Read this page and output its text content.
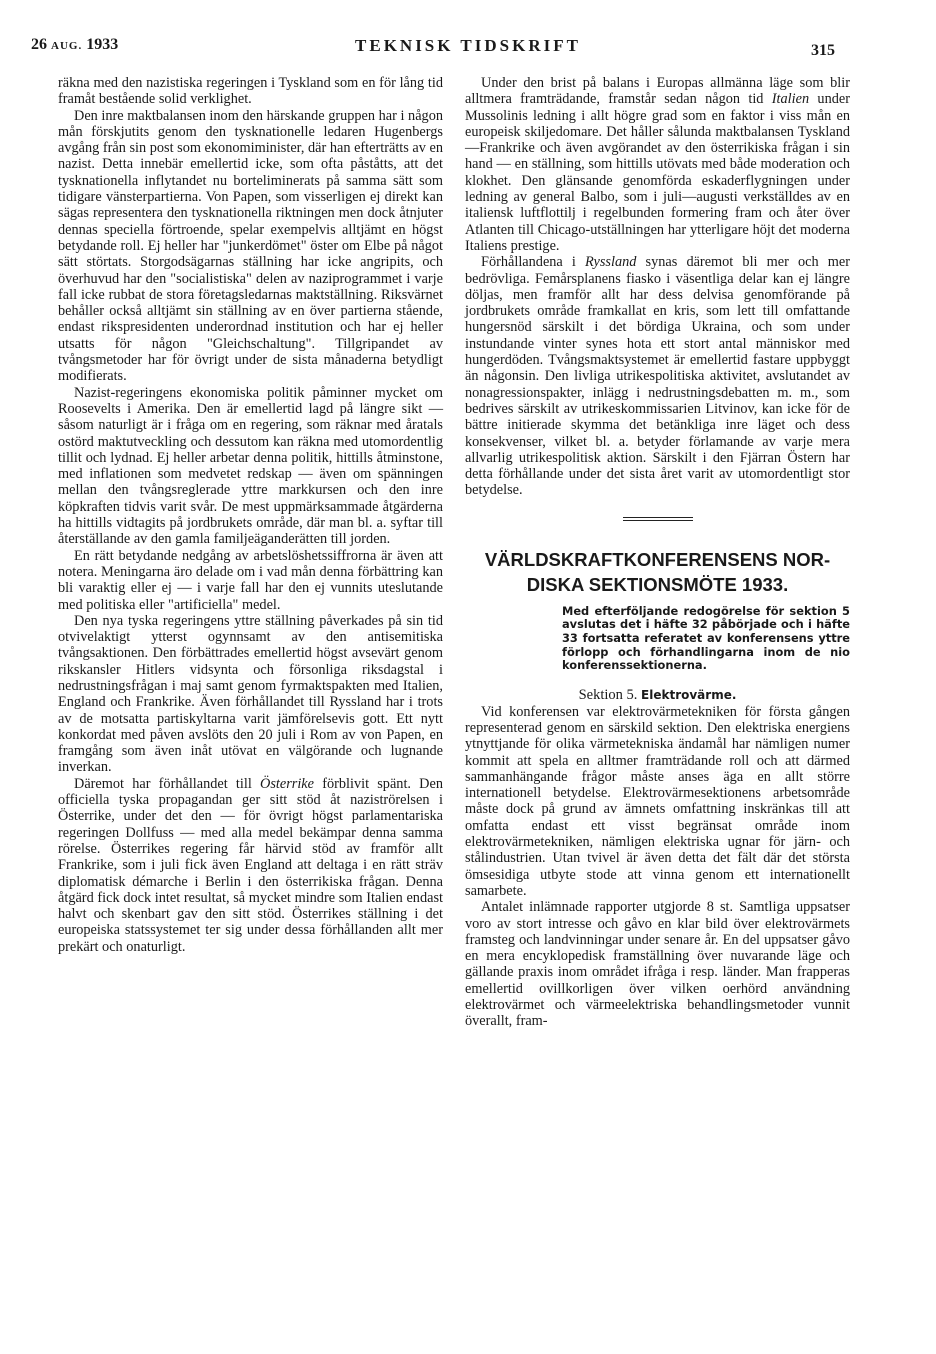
26 AUG. 1933	TEKNISK TIDSKRIFT	315

räkna med den nazistiska regeringen i Tyskland som en för lång tid framåt bestående solid verklighet.

Den inre maktbalansen inom den härskande gruppen har i någon mån förskjutits genom den tysknationelle ledaren Hugenbergs avgång från sin post som ekonomiminister, där han efterträtts av en nazist. Detta innebär emellertid icke, som ofta påståtts, att det tysknationella inflytandet nu borteliminerats på samma sätt som tidigare vänsterpartierna. Von Papen, som visserligen ej direkt kan sägas representera den tysknationella riktningen men dock åtnjuter dennas speciella förtroende, spelar exempelvis alltjämt en högst betydande roll. Ej heller har "junkerdömet" öster om Elbe på något sätt störtats. Storgodsägarnas ställning har icke angripits, och överhuvud har den "socialistiska" delen av naziprogrammet i varje fall icke rubbat de stora företagsledarnas maktställning. Riksvärnet behåller också alltjämt sin ställning av en över partierna stående, endast rikspresidenten underordnad institution och har ej heller utsatts för någon "Gleichschaltung". Tillgripandet av tvångsmetoder har för övrigt under de sista månaderna betydligt modifierats.

Nazist-regeringens ekonomiska politik påminner mycket om Roosevelts i Amerika. Den är emellertid lagd på längre sikt — såsom naturligt är i fråga om en regering, som räknar med åratals ostörd maktutveckling och dessutom kan räkna med utomordentlig tillit och lydnad. Ej heller arbetar denna politik, hittills åtminstone, med inflationen som medvetet redskap — även om spänningen mellan den tvångsreglerade yttre markkursen och den inre köpkraften tidvis varit svår. De mest uppmärksammade åtgärderna ha hittills vidtagits på jordbrukets område, där man bl. a. syftar till återställande av den gamla familjeäganderätten till jorden.

En rätt betydande nedgång av arbetslöshetssiffrorna är även att notera. Meningarna äro delade om i vad mån denna förbättring kan bli varaktig eller ej — i varje fall har den ej vunnits uteslutande med politiska eller "artificiella" medel.

Den nya tyska regeringens yttre ställning påverkades på sin tid otvivelaktigt ytterst ogynnsamt av den antisemitiska tvångsaktionen. Den förbättrades emellertid högst avsevärt genom rikskansler Hitlers vidsynta och försonliga riksdagstal i nedrustningsfrågan i maj samt genom fyrmaktspakten med Italien, England och Frankrike. Även förhållandet till Ryssland har i trots av de motsatta partiskyltarna varit jämförelsevis gott. Ett nytt konkordat med påven avslöts den 20 juli i Rom av von Papen, en framgång som även inåt utövat en välgörande och lugnande inverkan.

Däremot har förhållandet till Österrike förblivit spänt. Den officiella tyska propagandan ger sitt stöd åt naziströrelsen i Österrike, under det den — för övrigt högst parlamentariska regeringen Dollfuss — med alla medel bekämpar denna samma rörelse. Österrikes regering får härvid stöd av framför allt Frankrike, som i juli fick även England att deltaga i en rätt sträv diplomatisk démarche i Berlin i den österrikiska frågan. Denna åtgärd fick dock intet resultat, så mycket mindre som Italien endast halvt och skenbart gav den sitt stöd. Österrikes ställning i det europeiska statssystemet ter sig under dessa förhållanden allt mer prekärt och onaturligt.

Under den brist på balans i Europas allmänna läge som blir alltmera framträdande, framstår sedan någon tid Italien under Mussolinis ledning i allt högre grad som en faktor i viss mån en europeisk skiljedomare. Det håller sålunda maktbalansen Tyskland—Frankrike och även avgörandet av den österrikiska frågan i sin hand — en ställning, som hittills utövats med både moderation och klokhet. Den glänsande genomförda eskaderflygningen under ledning av general Balbo, som i juli—augusti verkställdes av en italiensk luftflottilj i regelbunden formering fram och åter över Atlanten till Chicago-utställningen har ytterligare höjt det moderna Italiens prestige.

Förhållandena i Ryssland synas däremot bli mer och mer bedrövliga. Femårsplanens fiasko i väsentliga delar kan ej längre döljas, men framför allt har dess delvisa genomförande på jordbrukets område framkallat en kris, som lett till omfattande hungersnöd särskilt i det bördiga Ukraina, och som under instundande vinter synes hota ett stort antal människor med hungerdöden. Tvångsmaktsystemet är emellertid fastare uppbyggt än någonsin. Den livliga utrikespolitiska aktivitet, avslutandet av nonagressionspakter, inlägg i nedrustningsdebatten m. m., som bedrives särskilt av utrikeskommissarien Litvinov, kan icke för de bättre initierade skymma det betänkliga inre läget och dess konsekvenser, vilket bl. a. betyder förlamande av varje mera allvarlig utrikespolitisk aktion. Särskilt i den Fjärran Östern har detta förhållande under det sista året varit av utomordentligt stor betydelse.

VÄRLDSKRAFTKONFERENSENS NOR-
DISKA SEKTIONSMÖTE 1933.
Med efterföljande redogörelse för sektion 5 avslutas det i häfte 32 påbörjade och i häfte 33 fortsatta referatet av konferensens yttre förlopp och förhandlingarna inom de nio konferenssektionerna.
Sektion 5. Elektrovärme.

Vid konferensen var elektrovärmetekniken för första gången representerad genom en särskild sektion. Den elektriska energiens ytnyttjande för olika värmetekniska ändamål har nämligen numer kommit att spela en alltmer framträdande roll och att därmed sammanhängande frågor måste anses äga en allt större internationell betydelse. Elektrovärmesektionens arbetsområde måste dock på grund av ämnets omfattning inskränkas till att omfatta endast ett visst begränsat område inom elektrovärmetekniken, nämligen elektriska ugnar för järn- och stålindustrien. Utan tvivel är även detta det fält där det största ömsesidiga utbyte stode att vinna genom ett internationellt samarbete.

Antalet inlämnade rapporter utgjorde 8 st. Samtliga uppsatser voro av stort intresse och gåvo en klar bild över elektrovärmets framsteg och landvinningar under senare år. En del uppsatser gåvo en mera encyklopedisk framställning över nuvarande läge och gällande praxis inom området ifråga i resp. länder. Man frapperas emellertid ovillkorligen över vilken oerhörd användning elektrovärmet och värmeelektriska behandlingsmetoder vunnit överallt, fram-
